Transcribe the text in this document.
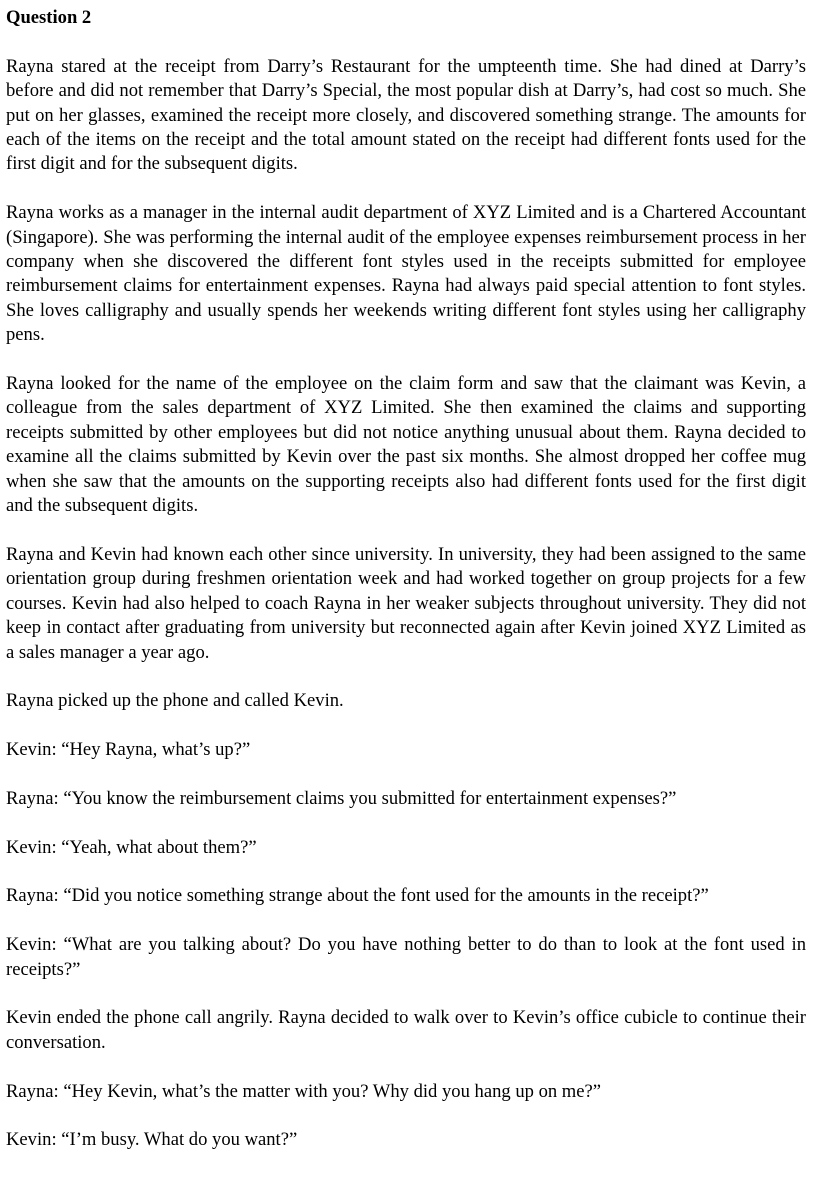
Question 2

Rayna stared at the receipt from Darry’s Restaurant for the umpteenth time. She had dined at Darry’s before and did not remember that Darry’s Special, the most popular dish at Darry’s, had cost so much. She put on her glasses, examined the receipt more closely, and discovered something strange. The amounts for each of the items on the receipt and the total amount stated on the receipt had different fonts used for the first digit and for the subsequent digits.

Rayna works as a manager in the internal audit department of XYZ Limited and is a Chartered Accountant (Singapore). She was performing the internal audit of the employee expenses reimbursement process in her company when she discovered the different font styles used in the receipts submitted for employee reimbursement claims for entertainment expenses. Rayna had always paid special attention to font styles. She loves calligraphy and usually spends her weekends writing different font styles using her calligraphy pens.

Rayna looked for the name of the employee on the claim form and saw that the claimant was Kevin, a colleague from the sales department of XYZ Limited. She then examined the claims and supporting receipts submitted by other employees but did not notice anything unusual about them. Rayna decided to examine all the claims submitted by Kevin over the past six months. She almost dropped her coffee mug when she saw that the amounts on the supporting receipts also had different fonts used for the first digit and the subsequent digits.

Rayna and Kevin had known each other since university. In university, they had been assigned to the same orientation group during freshmen orientation week and had worked together on group projects for a few courses. Kevin had also helped to coach Rayna in her weaker subjects throughout university. They did not keep in contact after graduating from university but reconnected again after Kevin joined XYZ Limited as a sales manager a year ago.

Rayna picked up the phone and called Kevin.

Kevin: “Hey Rayna, what’s up?”

Rayna: “You know the reimbursement claims you submitted for entertainment expenses?”

Kevin: “Yeah, what about them?”

Rayna: “Did you notice something strange about the font used for the amounts in the receipt?”

Kevin: “What are you talking about? Do you have nothing better to do than to look at the font used in receipts?”

Kevin ended the phone call angrily. Rayna decided to walk over to Kevin’s office cubicle to continue their conversation.

Rayna: “Hey Kevin, what’s the matter with you? Why did you hang up on me?”

Kevin: “I’m busy. What do you want?”
